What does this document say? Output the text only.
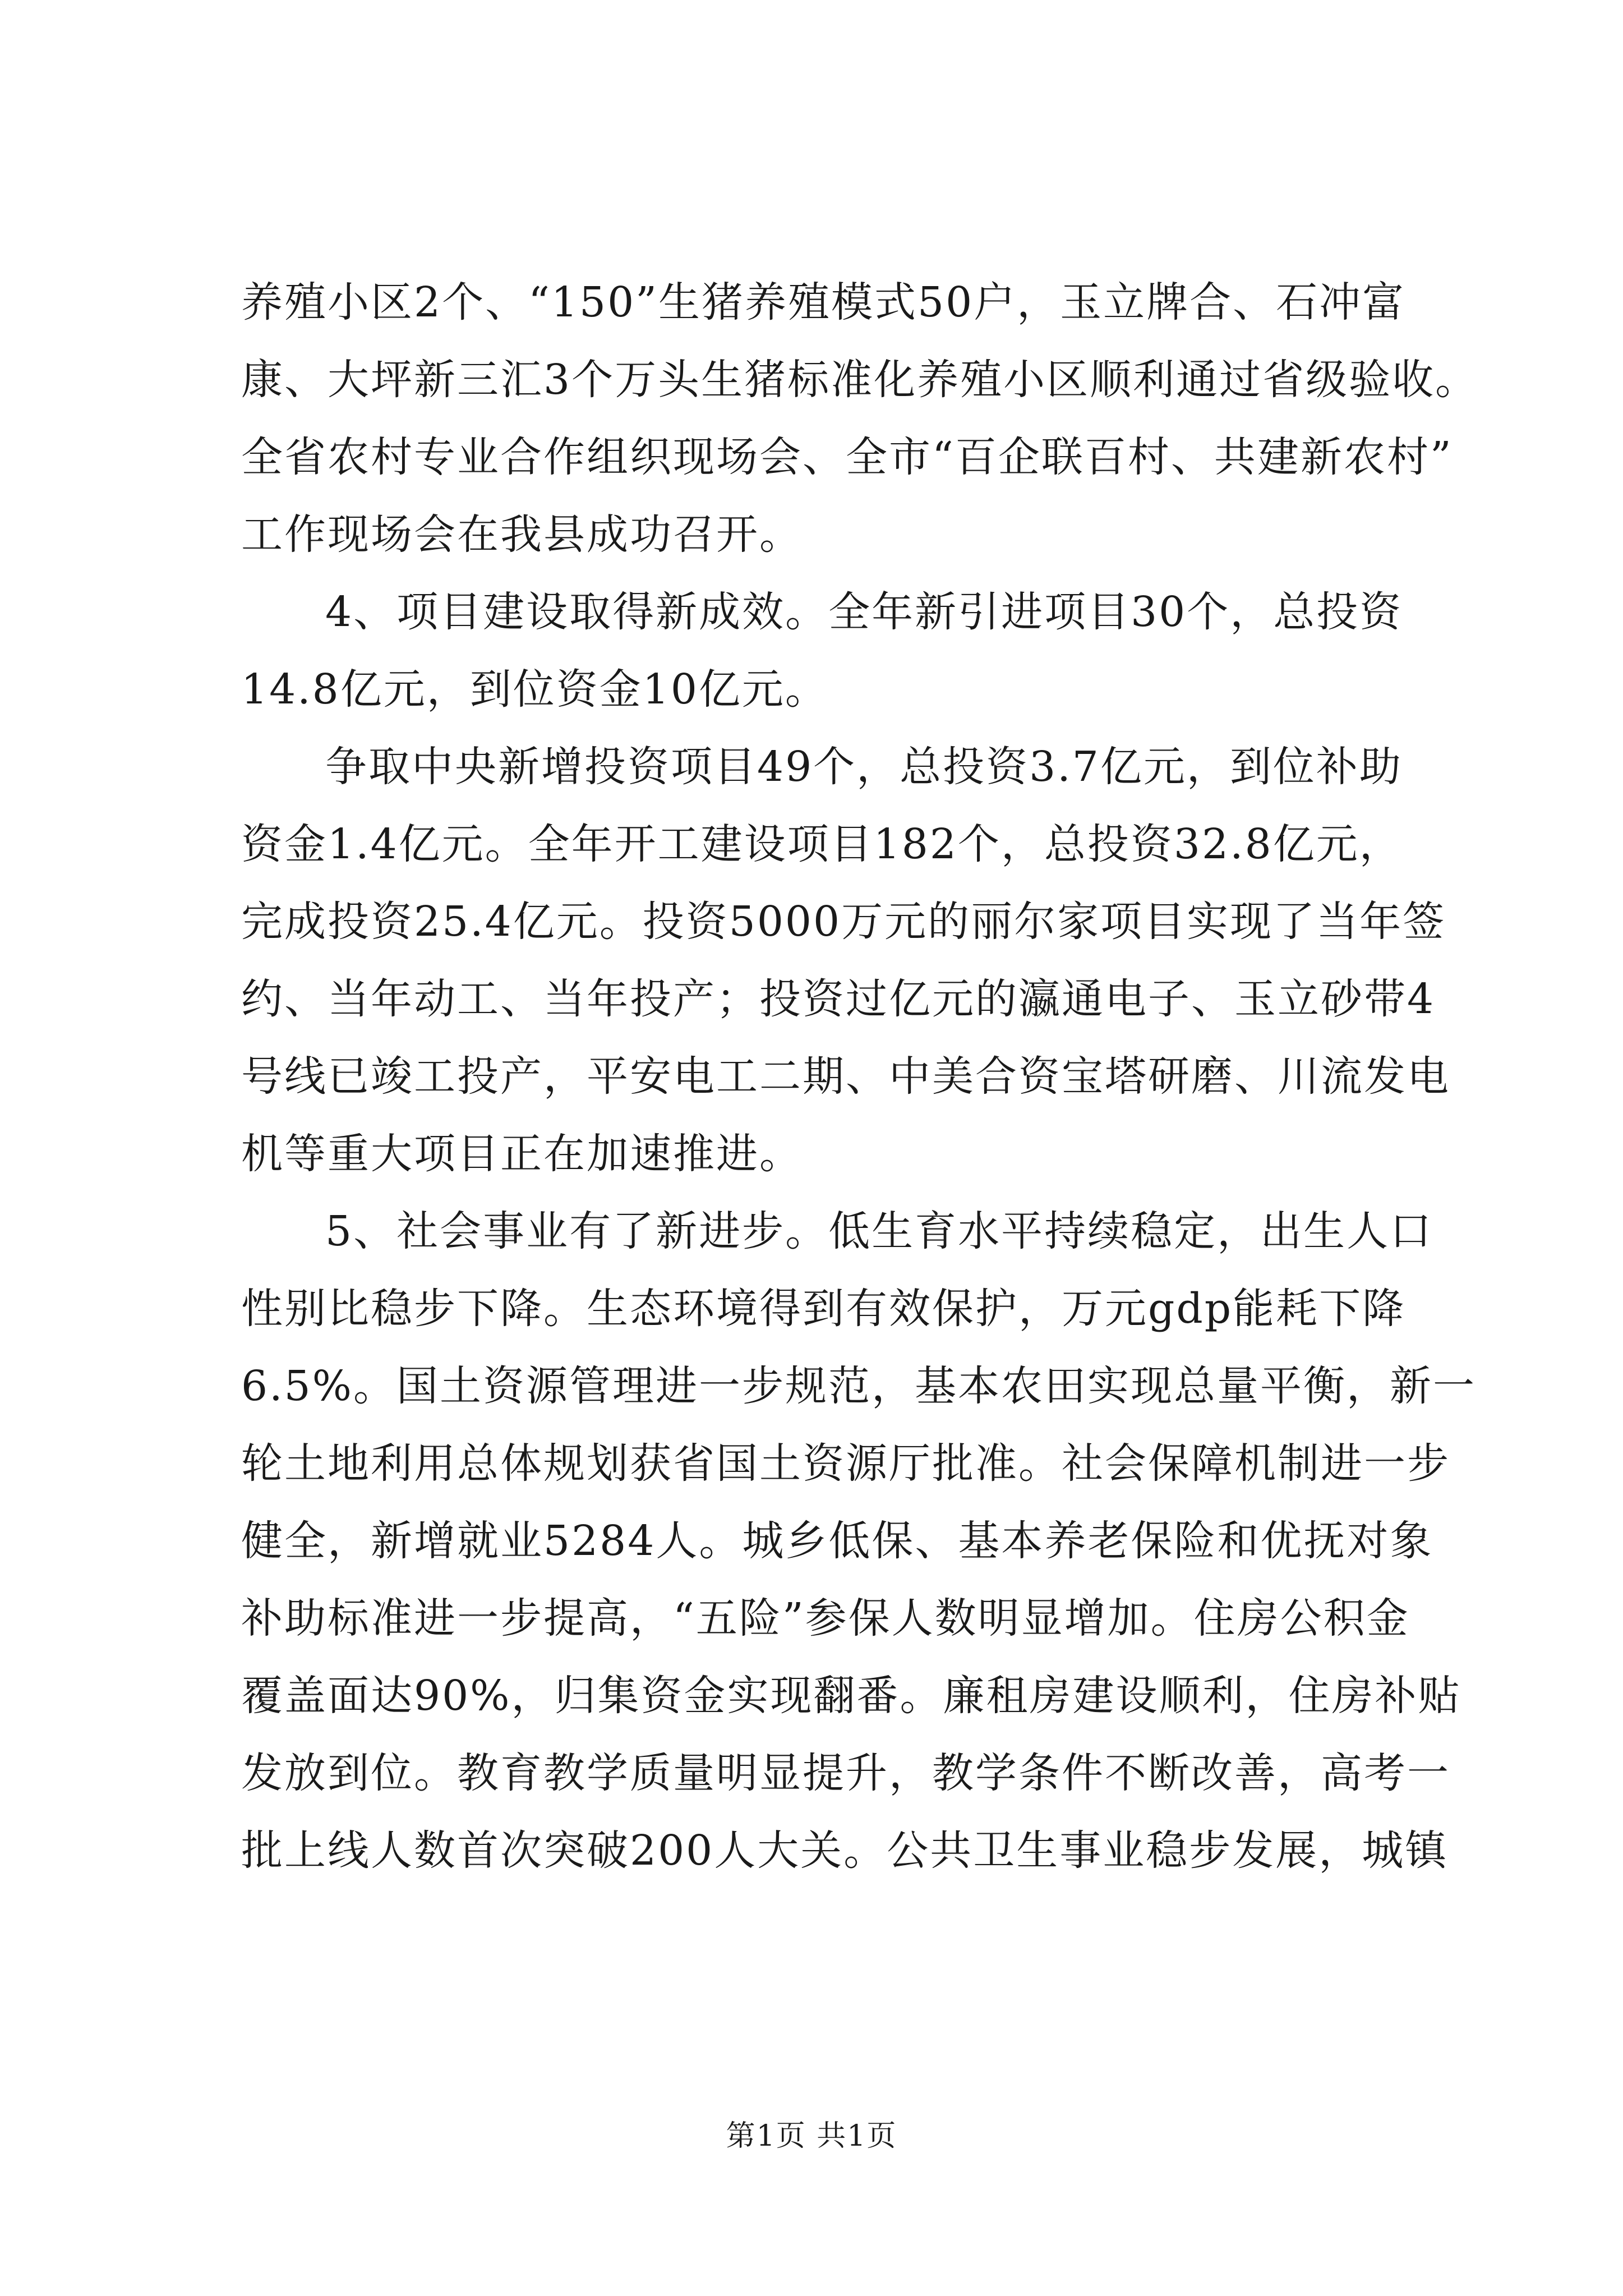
养殖小区2个、“150”生猪养殖模式50户，玉立牌合、石冲富

康、大坪新三汇3个万头生猪标准化养殖小区顺利通过省级验收。

全省农村专业合作组织现场会、全市“百企联百村、共建新农村”

工作现场会在我县成功召开。

4、项目建设取得新成效。全年新引进项目30个，总投资

14.8亿元，到位资金10亿元。

争取中央新增投资项目49个，总投资3.7亿元，到位补助

资金1.4亿元。全年开工建设项目182个，总投资32.8亿元，

完成投资25.4亿元。投资5000万元的丽尔家项目实现了当年签

约、当年动工、当年投产；投资过亿元的瀛通电子、玉立砂带4

号线已竣工投产，平安电工二期、中美合资宝塔研磨、川流发电

机等重大项目正在加速推进。

5、社会事业有了新进步。低生育水平持续稳定，出生人口

性别比稳步下降。生态环境得到有效保护，万元gdp能耗下降

6.5%。国土资源管理进一步规范，基本农田实现总量平衡，新一

轮土地利用总体规划获省国土资源厅批准。社会保障机制进一步

健全，新增就业5284人。城乡低保、基本养老保险和优抚对象

补助标准进一步提高，“五险”参保人数明显增加。住房公积金

覆盖面达90%，归集资金实现翻番。廉租房建设顺利，住房补贴

发放到位。教育教学质量明显提升，教学条件不断改善，高考一

批上线人数首次突破200人大关。公共卫生事业稳步发展，城镇

第1页 共1页
